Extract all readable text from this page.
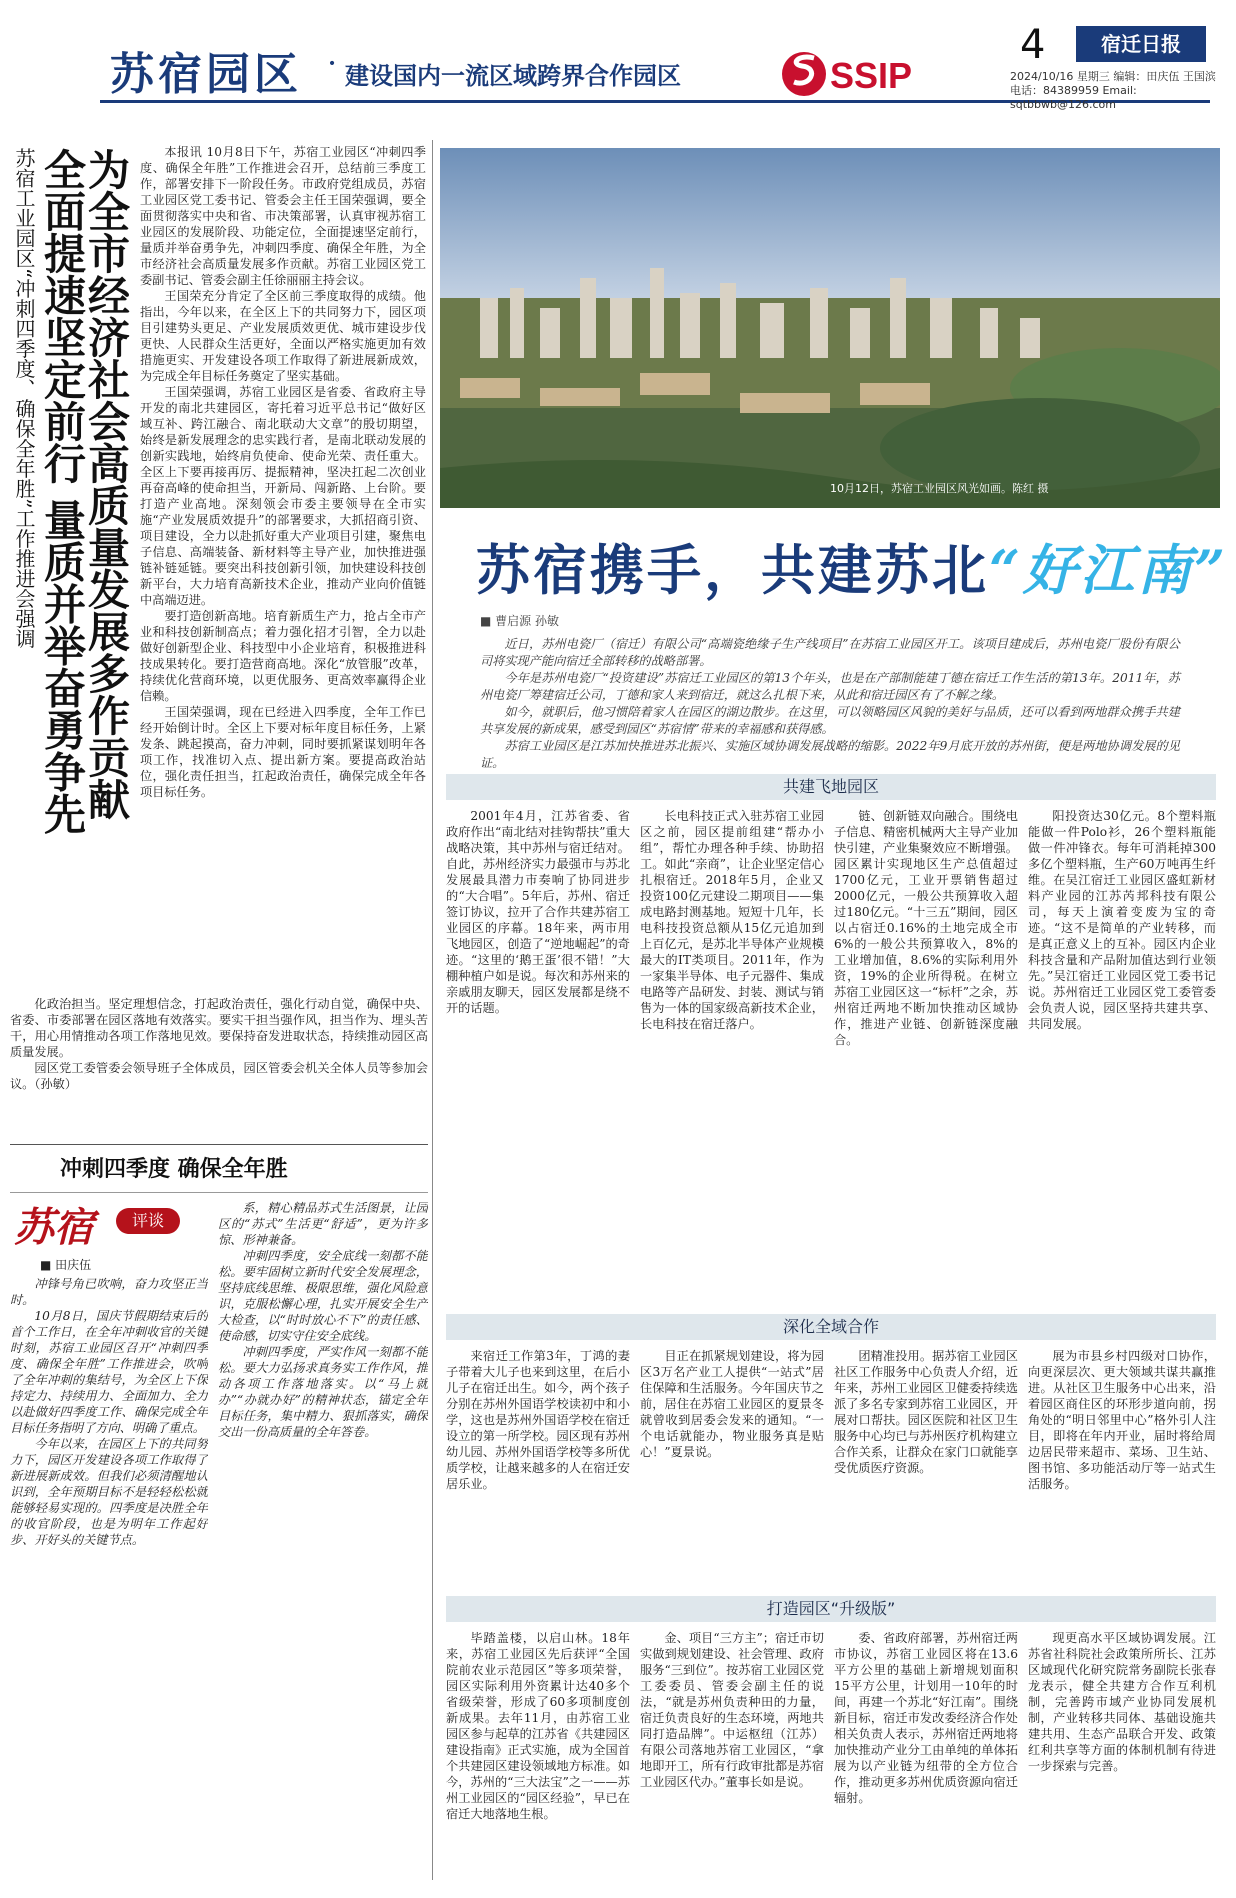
苏宿园区 · 建设国内一流区域跨界合作园区	SSIP
4	宿迁日报
2024/10/16 星期三 编辑：田庆伍 王国滨
电话：84389959 Email: sqtbbwb@126.com
苏宿工业园区“冲刺四季度、确保全年胜”工作推进会强调 为全市经济社会高质量发展多作贡献
全面提速坚定前行 量质并举奋勇争先	本报讯 10月8日下午，苏宿工业园区“冲刺四季度、确保全年胜”工作推进会召开，总结前三季度工作，部署安排下一阶段任务。市政府党组成员，苏宿工业园区党工委书记、管委会主任王国荣强调，要全面贯彻落实中央和省、市决策部署，认真审视苏宿工业园区的发展阶段、功能定位，全面提速坚定前行，量质并举奋勇争先，冲刺四季度、确保全年胜，为全市经济社会高质量发展多作贡献。苏宿工业园区党工委副书记、管委会副主任徐丽丽主持会议。

王国荣充分肯定了全区前三季度取得的成绩。他指出，今年以来，在全区上下的共同努力下，园区项目引建势头更足、产业发展质效更优、城市建设步伐更快、人民群众生活更好，全面以严格实施更加有效措施更实、开发建设各项工作取得了新进展新成效，为完成全年目标任务奠定了坚实基础。

王国荣强调，苏宿工业园区是省委、省政府主导开发的南北共建园区，寄托着习近平总书记“做好区域互补、跨江融合、南北联动大文章”的殷切期望，始终是新发展理念的忠实践行者，是南北联动发展的创新实践地，始终肩负使命、使命光荣、责任重大。全区上下要再接再厉、提振精神，坚决扛起二次创业再奋高峰的使命担当，开新局、闯新路、上台阶。要打造产业高地。深刻领会市委主要领导在全市实施“产业发展质效提升”的部署要求，大抓招商引资、项目建设，全力以赴抓好重大产业项目引建，聚焦电子信息、高端装备、新材料等主导产业，加快推进强链补链延链。要突出科技创新引领，加快建设科技创新平台，大力培育高新技术企业，推动产业向价值链中高端迈进。

要打造创新高地。培育新质生产力，抢占全市产业和科技创新制高点；着力强化招才引智，全力以赴做好创新型企业、科技型中小企业培育，积极推进科技成果转化。要打造营商高地。深化“放管服”改革，持续优化营商环境，以更优服务、更高效率赢得企业信赖。

王国荣强调，现在已经进入四季度，全年工作已经开始倒计时。全区上下要对标年度目标任务，上紧发条、跳起摸高，奋力冲刺，同时要抓紧谋划明年各项工作，找准切入点、提出新方案。要提高政治站位，强化责任担当，扛起政治责任，确保完成全年各项目标任务。

化政治担当。坚定理想信念，打起政治责任，强化行动自觉，确保中央、省委、市委部署在园区落地有效落实。要实干担当强作风，担当作为、埋头苦干，用心用情推动各项工作落地见效。要保持奋发进取状态，持续推动园区高质量发展。

园区党工委管委会领导班子全体成员，园区管委会机关全体人员等参加会议。（孙敏）

冲刺四季度 确保全年胜
苏宿	评谈
■ 田庆伍

冲锋号角已吹响，奋力攻坚正当时。

10月8日，国庆节假期结束后的首个工作日，在全年冲刺收官的关键时刻，苏宿工业园区召开“冲刺四季度、确保全年胜”工作推进会，吹响了全年冲刺的集结号，为全区上下保持定力、持续用力、全面加力、全力以赴做好四季度工作、确保完成全年目标任务指明了方向、明确了重点。

今年以来，在园区上下的共同努力下，园区开发建设各项工作取得了新进展新成效。但我们必须清醒地认识到，全年预期目标不是轻轻松松就能够轻易实现的。四季度是决胜全年的收官阶段，也是为明年工作起好步、开好头的关键节点。

系，精心精品苏式生活图景，让园区的“苏式”生活更“舒适”，更为许多惊、形神兼备。

冲刺四季度，安全底线一刻都不能松。要牢固树立新时代安全发展理念，坚持底线思维、极限思维，强化风险意识，克服松懈心理，扎实开展安全生产大检查，以“时时放心不下”的责任感、使命感，切实守住安全底线。

冲刺四季度，严实作风一刻都不能松。要大力弘扬求真务实工作作风，推动各项工作落地落实。以“马上就办”“办就办好”的精神状态，锚定全年目标任务，集中精力、狠抓落实，确保交出一份高质量的全年答卷。

10月12日，苏宿工业园区风光如画。陈红 摄
苏宿携手，共建苏北“好江南”
■ 曹启源 孙敏

近日，苏州电瓷厂（宿迁）有限公司“高端瓷绝缘子生产线项目”在苏宿工业园区开工。该项目建成后，苏州电瓷厂股份有限公司将实现产能向宿迁全部转移的战略部署。

今年是苏州电瓷厂“投资建设”苏宿迁工业园区的第13个年头，也是在产部制能建丁德在宿迁工作生活的第13年。2011年，苏州电瓷厂筹建宿迁公司，丁德和家人来到宿迁，就这么扎根下来，从此和宿迁园区有了不解之缘。

如今，就职后，他习惯陪着家人在园区的湖边散步。在这里，可以领略园区风貌的美好与品质，还可以看到两地群众携手共建共享发展的新成果，感受到园区“苏宿情”带来的幸福感和获得感。

苏宿工业园区是江苏加快推进苏北振兴、实施区域协调发展战略的缩影。2022年9月底开放的苏州街，便是两地协调发展的见证。

共建飞地园区

2001年4月，江苏省委、省政府作出“南北结对挂钩帮扶”重大战略决策，其中苏州与宿迁结对。自此，苏州经济实力最强市与苏北发展最具潜力市奏响了协同进步的“大合唱”。5年后，苏州、宿迁签订协议，拉开了合作共建苏宿工业园区的序幕。18年来，两市用飞地园区，创造了“逆地崛起”的奇迹。“这里的‘鹅王蛋’很不错！”大棚种植户如是说。每次和苏州来的亲戚朋友聊天，园区发展都是绕不开的话题。

长电科技正式入驻苏宿工业园区之前，园区提前组建“帮办小组”，帮忙办理各种手续、协助招工。如此“亲商”，让企业坚定信心扎根宿迁。2018年5月，企业又投资100亿元建设二期项目——集成电路封测基地。短短十几年，长电科技投资总额从15亿元追加到上百亿元，是苏北半导体产业规模最大的IT类项目。2011年，作为一家集半导体、电子元器件、集成电路等产品研发、封装、测试与销售为一体的国家级高新技术企业，长电科技在宿迁落户。

链、创新链双向融合。围绕电子信息、精密机械两大主导产业加快引建，产业集聚效应不断增强。园区累计实现地区生产总值超过1700亿元，工业开票销售超过2000亿元，一般公共预算收入超过180亿元。“十三五”期间，园区以占宿迁0.16%的土地完成全市6%的一般公共预算收入，8%的工业增加值，8.6%的实际利用外资，19%的企业所得税。在树立苏宿工业园区这一“标杆”之余，苏州宿迁两地不断加快推动区域协作，推进产业链、创新链深度融合。

阳投资达30亿元。8个塑料瓶能做一件Polo衫，26个塑料瓶能做一件冲锋衣。每年可消耗掉300多亿个塑料瓶，生产60万吨再生纤维。在吴江宿迁工业园区盛虹新材料产业园的江苏芮邦科技有限公司，每天上演着变废为宝的奇迹。“这不是简单的产业转移，而是真正意义上的互补。园区内企业科技含量和产品附加值达到行业领先。”吴江宿迁工业园区党工委书记说。苏州宿迁工业园区党工委管委会负责人说，园区坚持共建共享、共同发展。

深化全域合作

来宿迁工作第3年，丁鸿的妻子带着大儿子也来到这里，在后小儿子在宿迁出生。如今，两个孩子分别在苏州外国语学校读初中和小学，这也是苏州外国语学校在宿迁设立的第一所学校。园区现有苏州幼儿园、苏州外国语学校等多所优质学校，让越来越多的人在宿迁安居乐业。

目正在抓紧规划建设，将为园区3万名产业工人提供“一站式”居住保障和生活服务。今年国庆节之前，居住在苏宿工业园区的夏景冬就曾收到居委会发来的通知。“一个电话就能办，物业服务真是贴心！”夏景说。

团精准投用。据苏宿工业园区社区工作服务中心负责人介绍，近年来，苏州工业园区卫健委持续选派了多名专家到苏宿工业园区，开展对口帮扶。园区医院和社区卫生服务中心均已与苏州医疗机构建立合作关系，让群众在家门口就能享受优质医疗资源。

展为市县乡村四级对口协作，向更深层次、更大领域共谋共赢推进。从社区卫生服务中心出来，沿着园区商住区的环形步道向前，拐角处的“明日邻里中心”格外引人注目，即将在年内开业，届时将给周边居民带来超市、菜场、卫生站、图书馆、多功能活动厅等一站式生活服务。

打造园区“升级版”

毕踏盖楼，以启山林。18年来，苏宿工业园区先后获评“全国院前农业示范园区”等多项荣誉，园区实际利用外资累计达40多个省级荣誉，形成了60多项制度创新成果。去年11月，由苏宿工业园区参与起草的江苏省《共建园区建设指南》正式实施，成为全国首个共建园区建设领域地方标准。如今，苏州的“三大法宝”之一——苏州工业园区的“园区经验”，早已在宿迁大地落地生根。

金、项目“三方主”；宿迁市切实做到规划建设、社会管理、政府服务“三到位”。按苏宿工业园区党工委委员、管委会副主任的说法，“就是苏州负责种田的力量，宿迁负责良好的生态环境，两地共同打造品牌”。中运枢纽（江苏）有限公司落地苏宿工业园区，“拿地即开工，所有行政审批都是苏宿工业园区代办。”董事长如是说。

委、省政府部署，苏州宿迁两市协议，苏宿工业园区将在13.6平方公里的基础上新增规划面积15平方公里，计划用一10年的时间，再建一个苏北“好江南”。围绕新目标，宿迁市发改委经济合作处相关负责人表示，苏州宿迁两地将加快推动产业分工由单纯的单体拓展为以产业链为纽带的全方位合作，推动更多苏州优质资源向宿迁辐射。

现更高水平区域协调发展。江苏省社科院社会政策所所长、江苏区域现代化研究院常务副院长张春龙表示，健全共建方合作互利机制，完善跨市域产业协同发展机制，产业转移共同体、基础设施共建共用、生态产品联合开发、政策红利共享等方面的体制机制有待进一步探索与完善。
